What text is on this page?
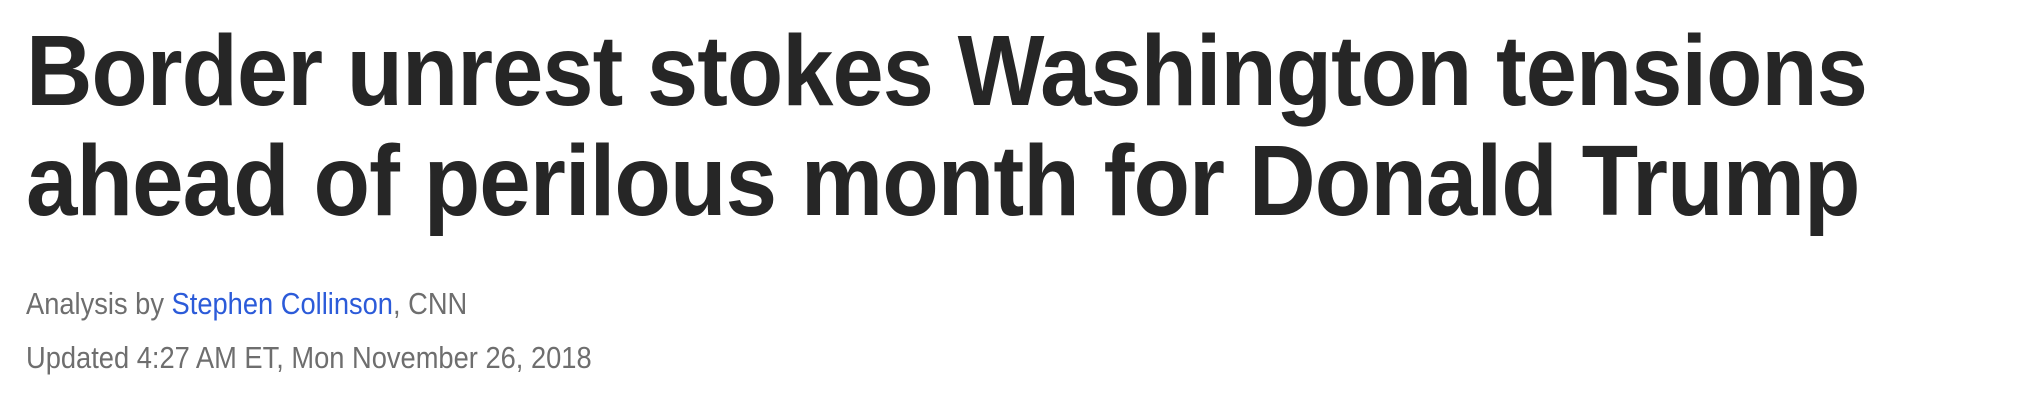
Border unrest stokes Washington tensions
ahead of perilous month for Donald Trump
Analysis by Stephen Collinson, CNN
Updated 4:27 AM ET, Mon November 26, 2018
